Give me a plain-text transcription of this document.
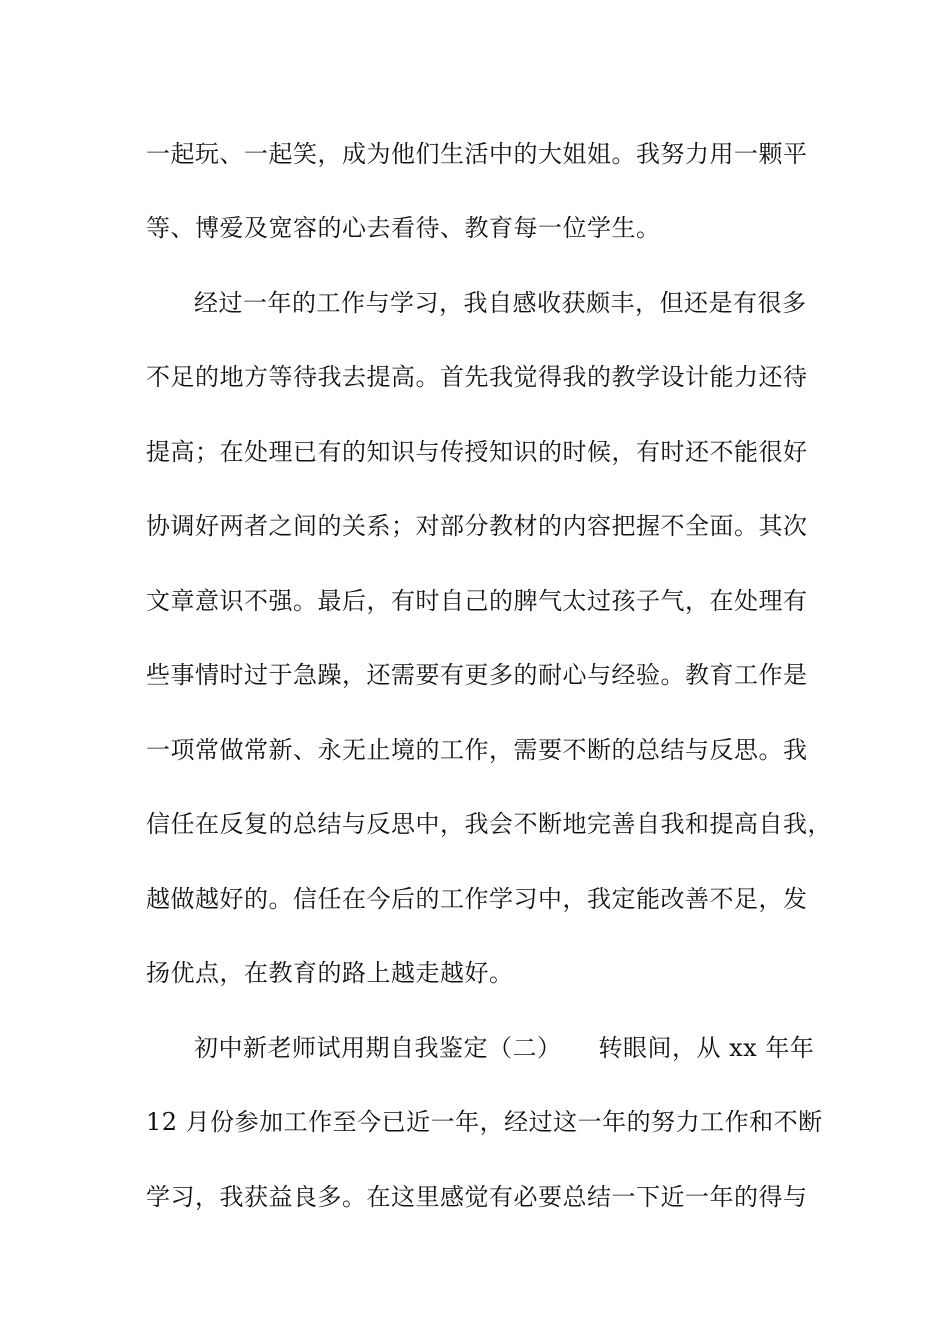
一起玩、一起笑，成为他们生活中的大姐姐。我努力用一颗平
等、博爱及宽容的心去看待、教育每一位学生。
经过一年的工作与学习，我自感收获颇丰，但还是有很多
不足的地方等待我去提高。首先我觉得我的教学设计能力还待
提高；在处理已有的知识与传授知识的时候，有时还不能很好
协调好两者之间的关系；对部分教材的内容把握不全面。其次
文章意识不强。最后，有时自己的脾气太过孩子气，在处理有
些事情时过于急躁，还需要有更多的耐心与经验。教育工作是
一项常做常新、永无止境的工作，需要不断的总结与反思。我
信任在反复的总结与反思中，我会不断地完善自我和提高自我，
越做越好的。信任在今后的工作学习中，我定能改善不足，发
扬优点，在教育的路上越走越好。
初中新老师试用期自我鉴定（二）　　转眼间，从 xx 年年
12 月份参加工作至今已近一年，经过这一年的努力工作和不断
学习，我获益良多。在这里感觉有必要总结一下近一年的得与
